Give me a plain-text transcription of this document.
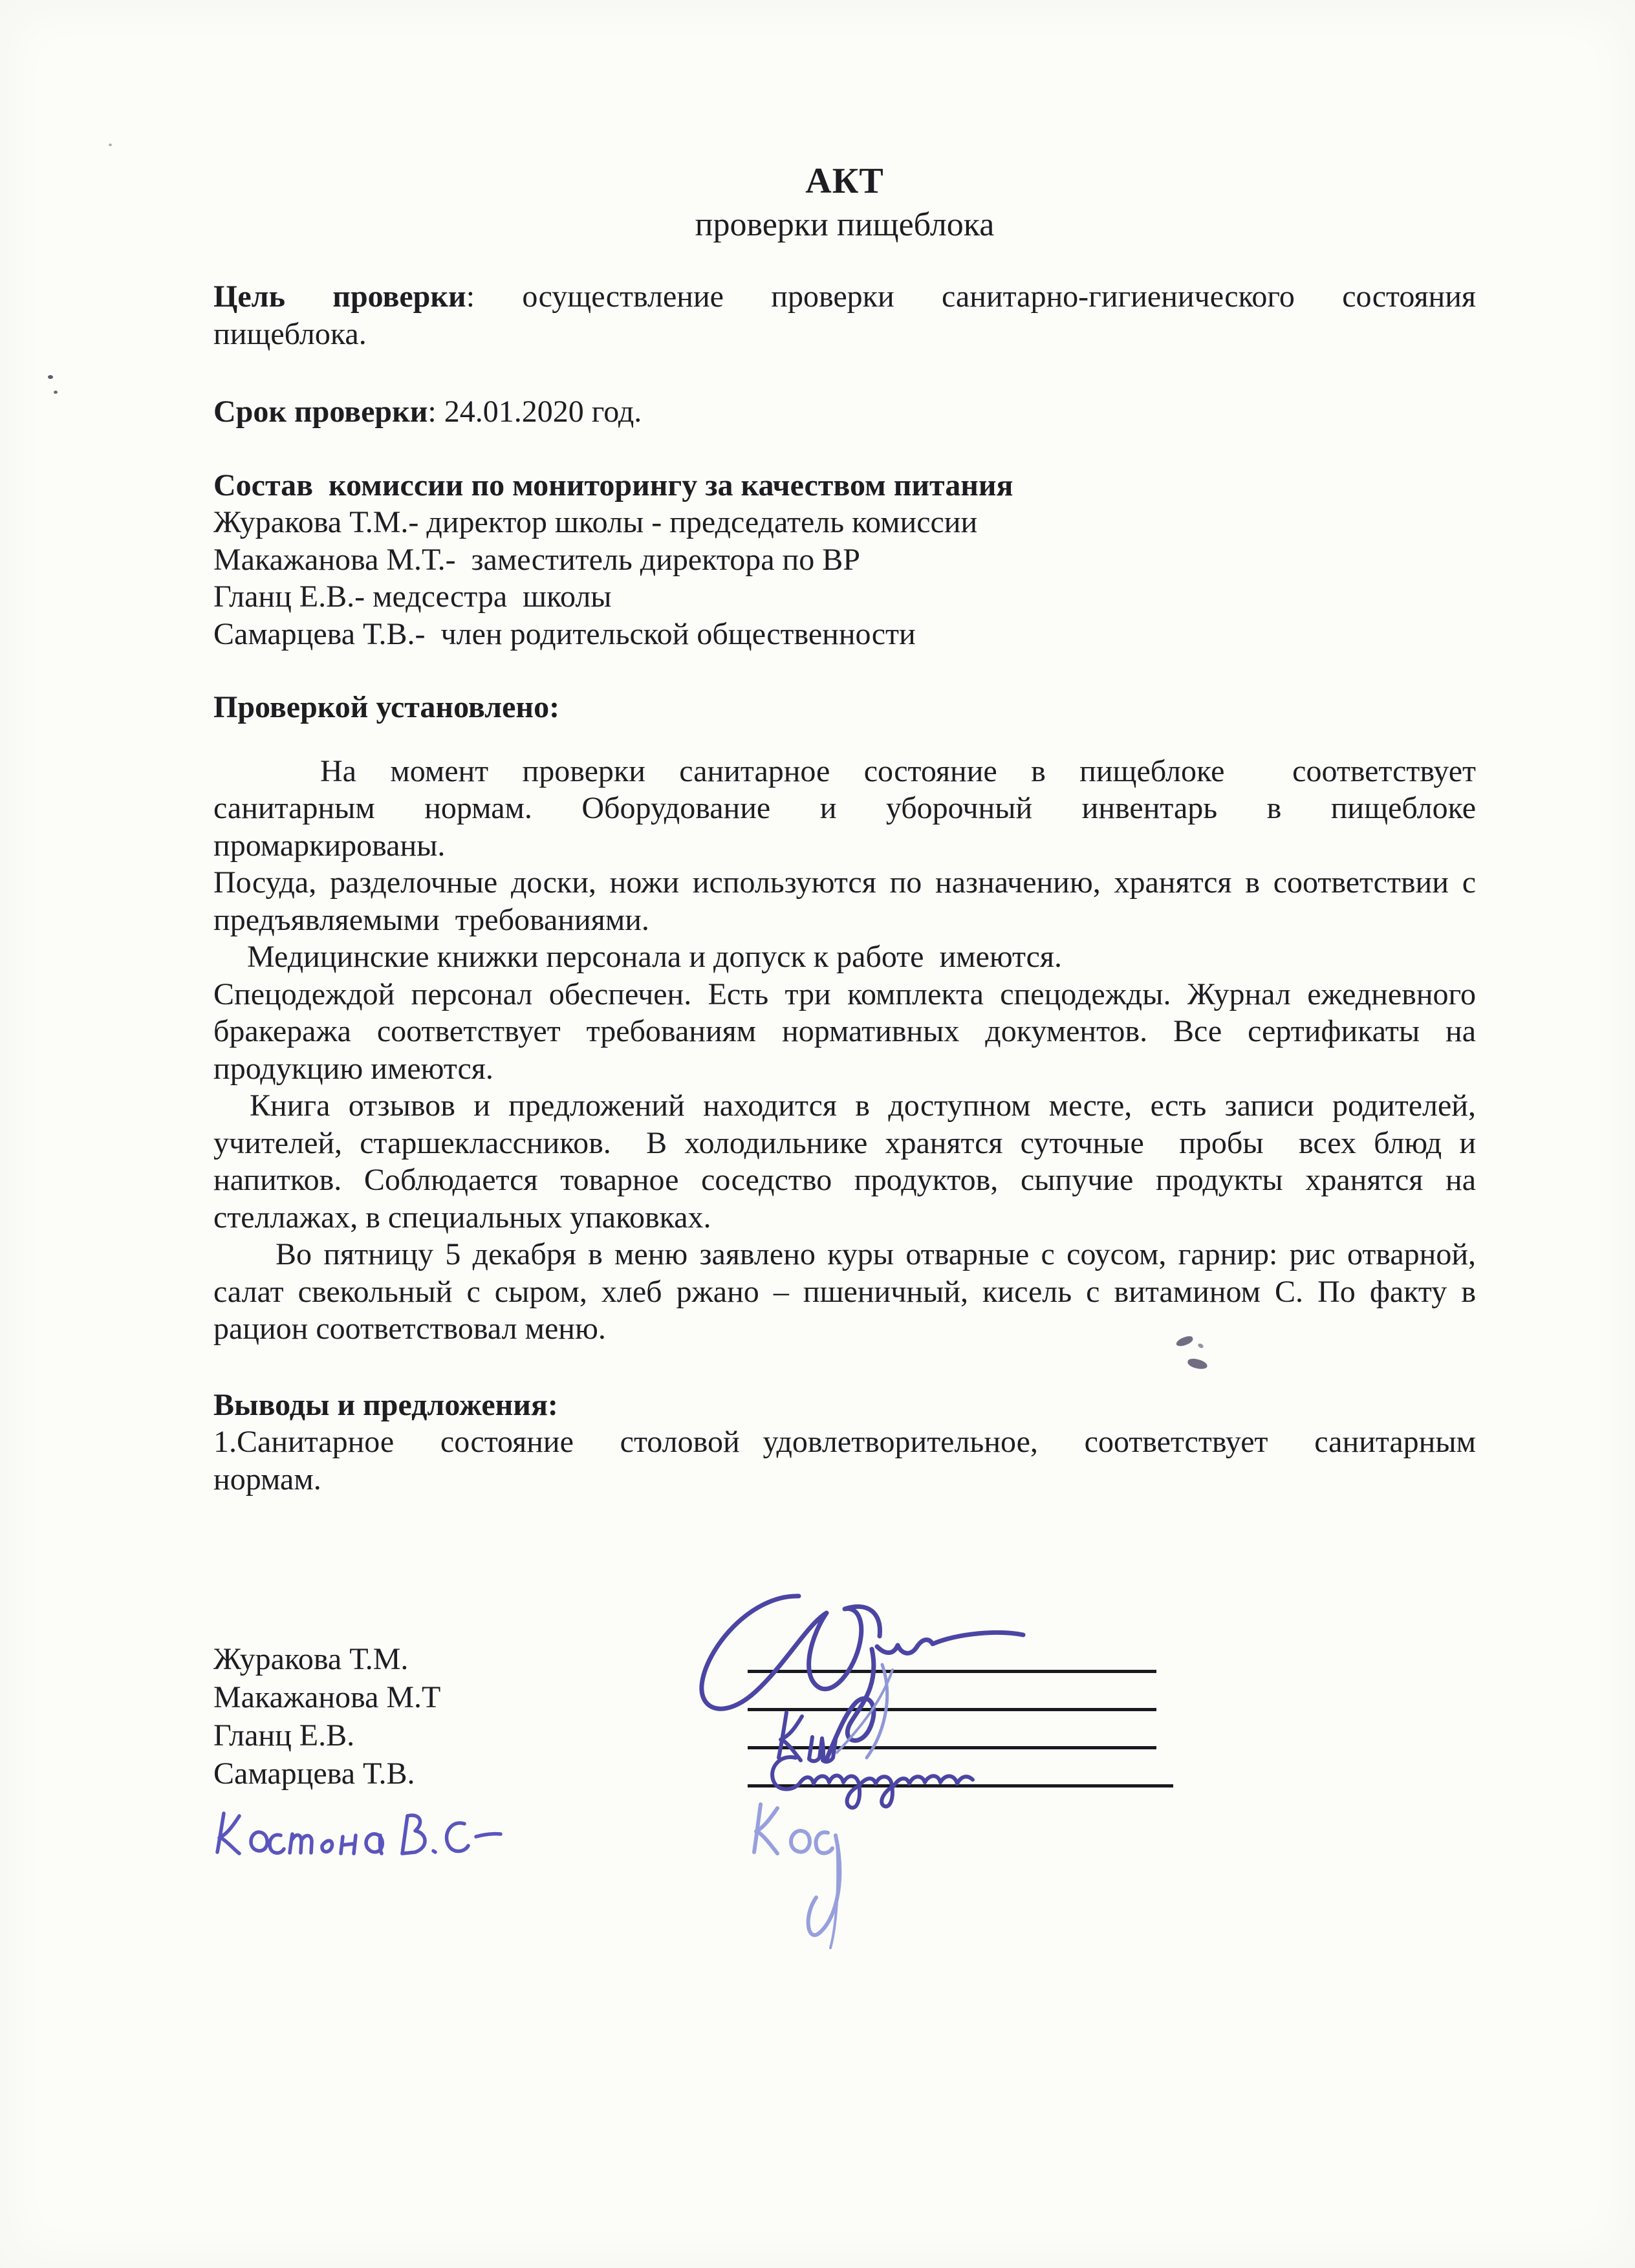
АКТ
проверки пищеблока

Цель проверки: осуществление проверки санитарно-гигиенического состояния пищеблока.

Срок проверки: 24.01.2020 год.

Состав  комиссии по мониторингу за качеством питания

Журакова Т.М.- директор школы - председатель комиссии

Макажанова М.Т.-  заместитель директора по ВР

Гланц Е.В.- медсестра  школы

Самарцева Т.В.-  член родительской общественности

Проверкой установлено:

На момент проверки санитарное состояние в пищеблоке  соответствует санитарным нормам. Оборудование и уборочный инвентарь в пищеблоке промаркированы.

Посуда, разделочные доски, ножи используются по назначению, хранятся в соответствии с предъявляемыми  требованиями.

Медицинские книжки персонала и допуск к работе  имеются.

Спецодеждой персонал обеспечен. Есть три комплекта спецодежды. Журнал ежедневного бракеража соответствует требованиям нормативных документов. Все сертификаты на продукцию имеются.

Книга отзывов и предложений находится в доступном месте, есть записи родителей, учителей, старшеклассников.  В холодильнике хранятся суточные  пробы  всех блюд и напитков. Соблюдается товарное соседство продуктов, сыпучие продукты хранятся на стеллажах, в специальных упаковках.

Во пятницу 5 декабря в меню заявлено куры отварные с соусом, гарнир: рис отварной, салат свекольный с сыром, хлеб ржано – пшеничный, кисель с витамином С. По факту в рацион соответствовал меню.

Выводы и предложения:

1.Санитарное  состояние  столовой удовлетворительное,  соответствует  санитарным нормам.

Журакова Т.М.
Макажанова М.Т
Гланц Е.В.
Самарцева Т.В.
